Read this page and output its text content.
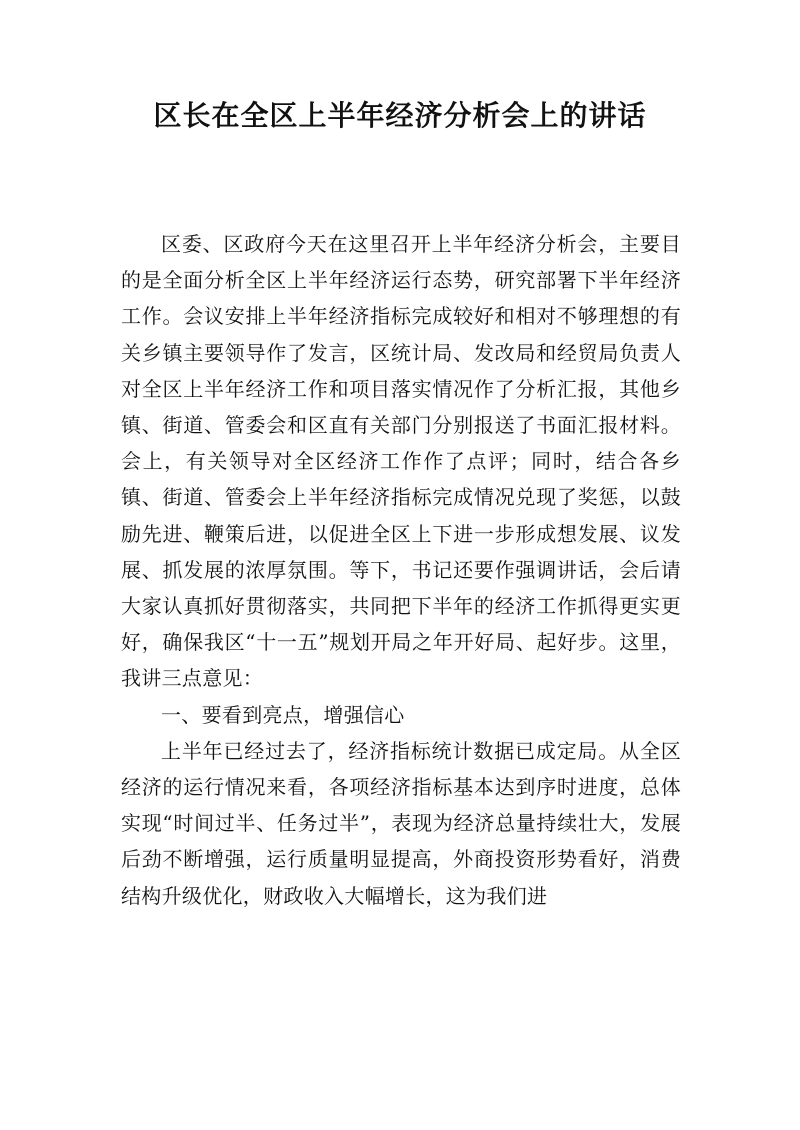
区长在全区上半年经济分析会上的讲话

区委、区政府今天在这里召开上半年经济分析会，主要目的是全面分析全区上半年经济运行态势，研究部署下半年经济工作。会议安排上半年经济指标完成较好和相对不够理想的有关乡镇主要领导作了发言，区统计局、发改局和经贸局负责人对全区上半年经济工作和项目落实情况作了分析汇报，其他乡镇、街道、管委会和区直有关部门分别报送了书面汇报材料。会上，有关领导对全区经济工作作了点评；同时，结合各乡镇、街道、管委会上半年经济指标完成情况兑现了奖惩，以鼓励先进、鞭策后进，以促进全区上下进一步形成想发展、议发展、抓发展的浓厚氛围。等下，书记还要作强调讲话，会后请大家认真抓好贯彻落实，共同把下半年的经济工作抓得更实更好，确保我区“十一五”规划开局之年开好局、起好步。这里，我讲三点意见：

一、要看到亮点，增强信心

上半年已经过去了，经济指标统计数据已成定局。从全区经济的运行情况来看，各项经济指标基本达到序时进度，总体实现“时间过半、任务过半”，表现为经济总量持续壮大，发展后劲不断增强，运行质量明显提高，外商投资形势看好，消费结构升级优化，财政收入大幅增长，这为我们进
